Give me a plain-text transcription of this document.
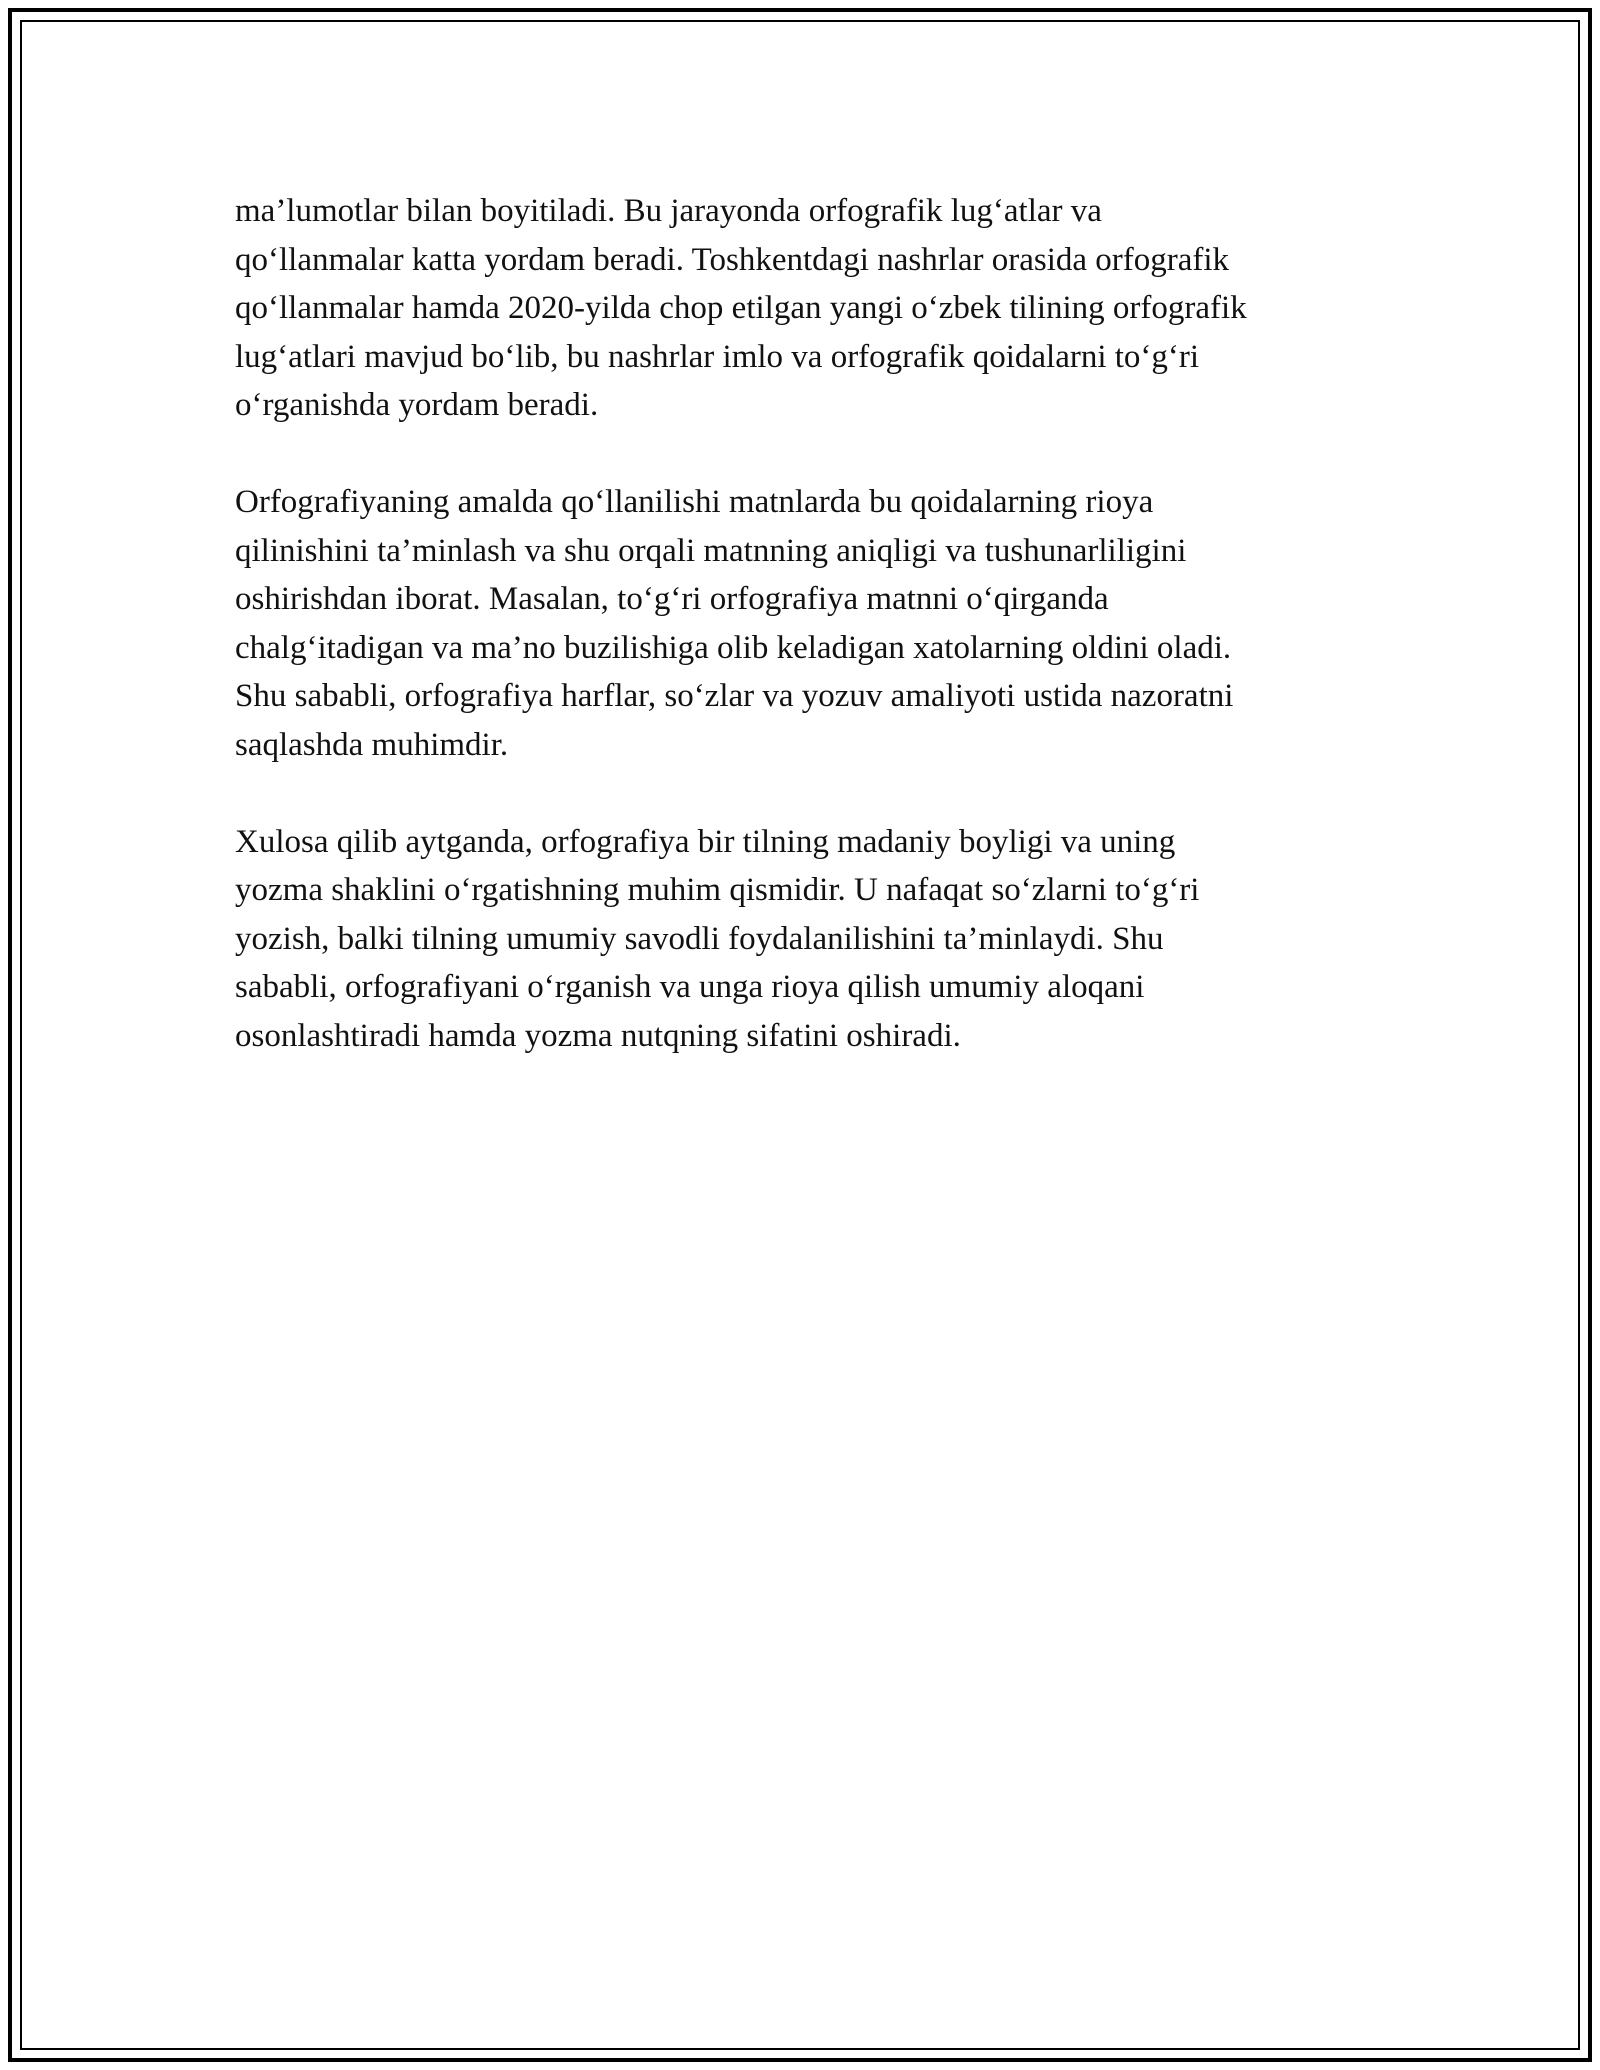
ma’lumotlar bilan boyitiladi. Bu jarayonda orfografik lug‘atlar va
qo‘llanmalar katta yordam beradi. Toshkentdagi nashrlar orasida orfografik
qo‘llanmalar hamda 2020-yilda chop etilgan yangi o‘zbek tilining orfografik
lug‘atlari mavjud bo‘lib, bu nashrlar imlo va orfografik qoidalarni to‘g‘ri
o‘rganishda yordam beradi.

Orfografiyaning amalda qo‘llanilishi matnlarda bu qoidalarning rioya
qilinishini ta’minlash va shu orqali matnning aniqligi va tushunarliligini
oshirishdan iborat. Masalan, to‘g‘ri orfografiya matnni o‘qirganda
chalg‘itadigan va ma’no buzilishiga olib keladigan xatolarning oldini oladi.
Shu sababli, orfografiya harflar, so‘zlar va yozuv amaliyoti ustida nazoratni
saqlashda muhimdir.

Xulosa qilib aytganda, orfografiya bir tilning madaniy boyligi va uning
yozma shaklini o‘rgatishning muhim qismidir. U nafaqat so‘zlarni to‘g‘ri
yozish, balki tilning umumiy savodli foydalanilishini ta’minlaydi. Shu
sababli, orfografiyani o‘rganish va unga rioya qilish umumiy aloqani
osonlashtiradi hamda yozma nutqning sifatini oshiradi.
